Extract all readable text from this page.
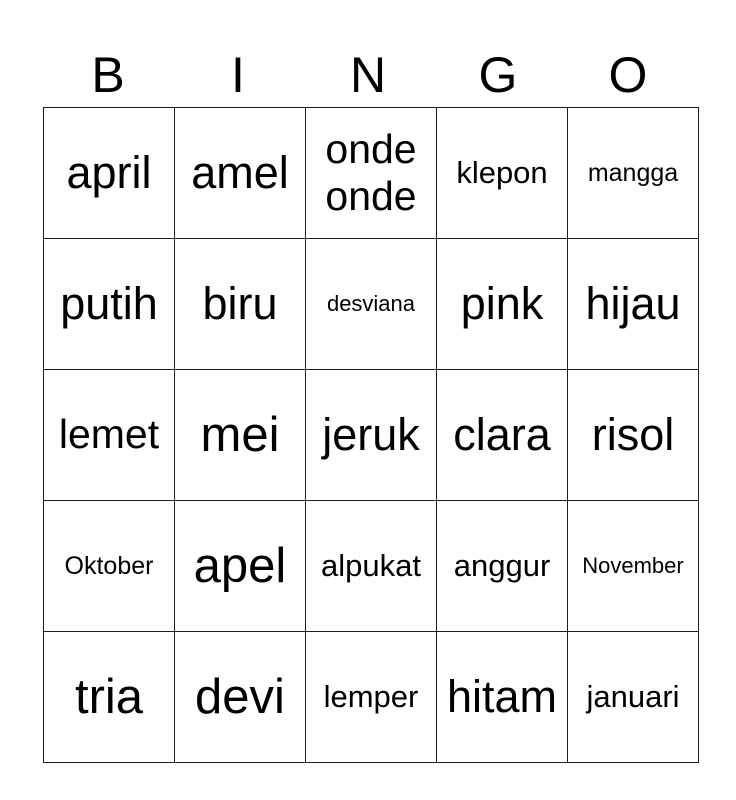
B	I	N	G	O
april	amel	onde onde	klepon	mangga
putih	biru	desviana	pink	hijau
lemet	mei	jeruk	clara	risol
Oktober	apel	alpukat	anggur	November
tria	devi	lemper	hitam	januari
